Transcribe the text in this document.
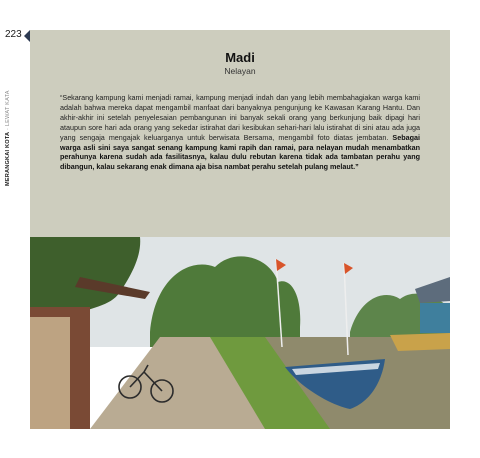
223
MERANGKAI KOTA · LEWAT KATA
Madi
Nelayan

“Sekarang kampung kami menjadi ramai, kampung menjadi indah dan yang lebih membahagiakan warga kami adalah bahwa mereka dapat mengambil manfaat dari banyaknya pengunjung ke Kawasan Karang Hantu. Dan akhir-akhir ini setelah penyelesaian pembangunan ini banyak sekali orang yang berkunjung baik dipagi hari ataupun sore hari ada orang yang sekedar istirahat dari kesibukan sehari-hari lalu istirahat di sini atau ada juga yang sengaja mengajak keluarganya untuk berwisata Bersama, mengambil foto diatas jembatan. Sebagai warga asli sini saya sangat senang kampung kami rapih dan ramai, para nelayan mudah menambatkan perahunya karena sudah ada fasilitasnya, kalau dulu rebutan karena tidak ada tambatan perahu yang dibangun, kalau sekarang enak dimana aja bisa nambat perahu setelah pulang melaut.”
